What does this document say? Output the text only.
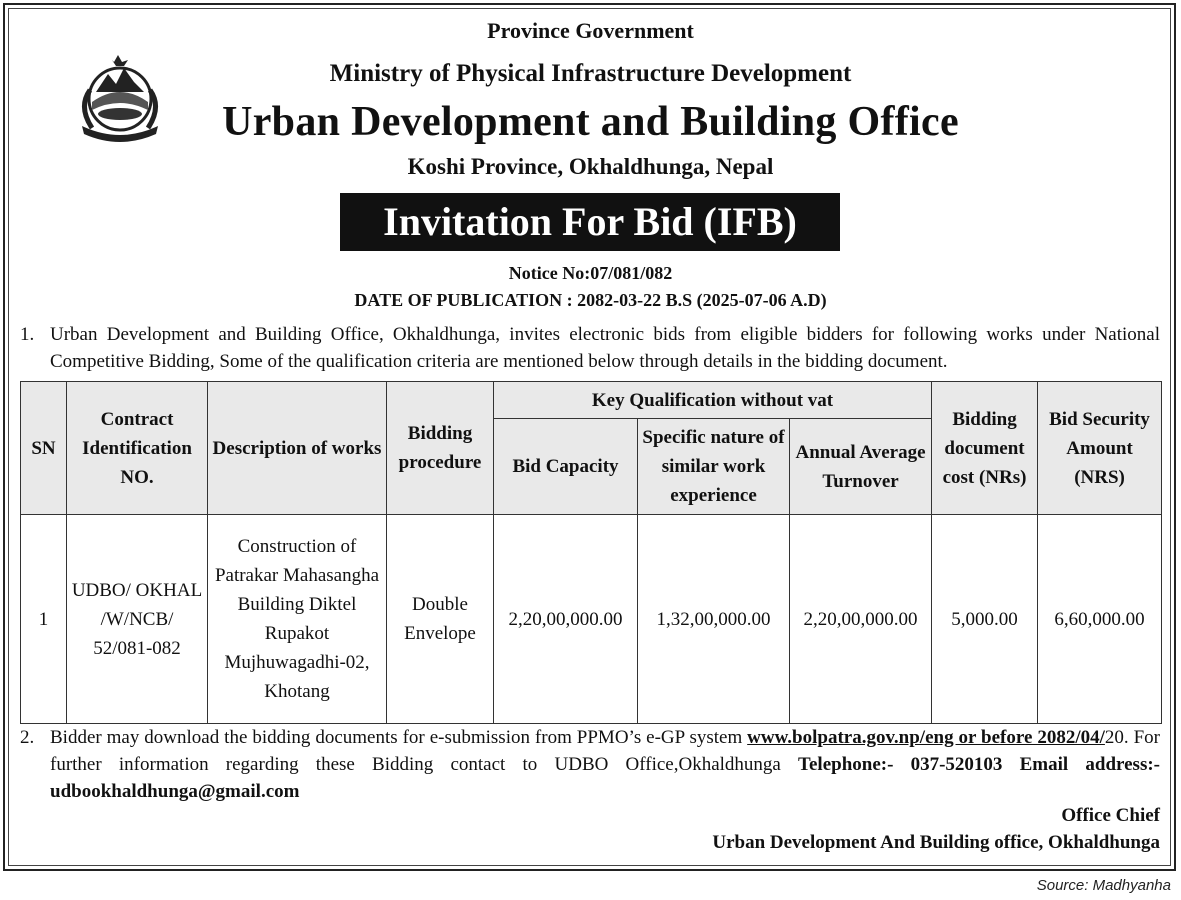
Province Government
Ministry of Physical Infrastructure Development
Urban Development and Building Office
Koshi Province, Okhaldhunga, Nepal
Invitation For Bid (IFB)
Notice No:07/081/082
DATE OF PUBLICATION : 2082-03-22 B.S (2025-07-06 A.D)
1. Urban Development and Building Office, Okhaldhunga, invites electronic bids from eligible bidders for following works under National Competitive Bidding, Some of the qualification criteria are mentioned below through details in the bidding document.
SN	Contract Identification NO.	Description of works	Bidding procedure	Key Qualification without vat			Bidding document cost (NRs)	Bid Security Amount (NRS)
				Bid Capacity	Specific nature of similar work experience	Annual Average Turnover		
1	UDBO/ OKHAL /W/NCB/ 52/081-082	Construction of Patrakar Mahasangha Building Diktel Rupakot Mujhuwagadhi-02, Khotang	Double Envelope	2,20,00,000.00	1,32,00,000.00	2,20,00,000.00	5,000.00	6,60,000.00
2. Bidder may download the bidding documents for e-submission from PPMO’s e-GP system www.bolpatra.gov.np/eng or before 2082/04/20. For further information regarding these Bidding contact to UDBO Office,Okhaldhunga Telephone:- 037-520103 Email address:- udbookhaldhunga@gmail.com
Office Chief
Urban Development And Building office, Okhaldhunga
Source: Madhyanha
